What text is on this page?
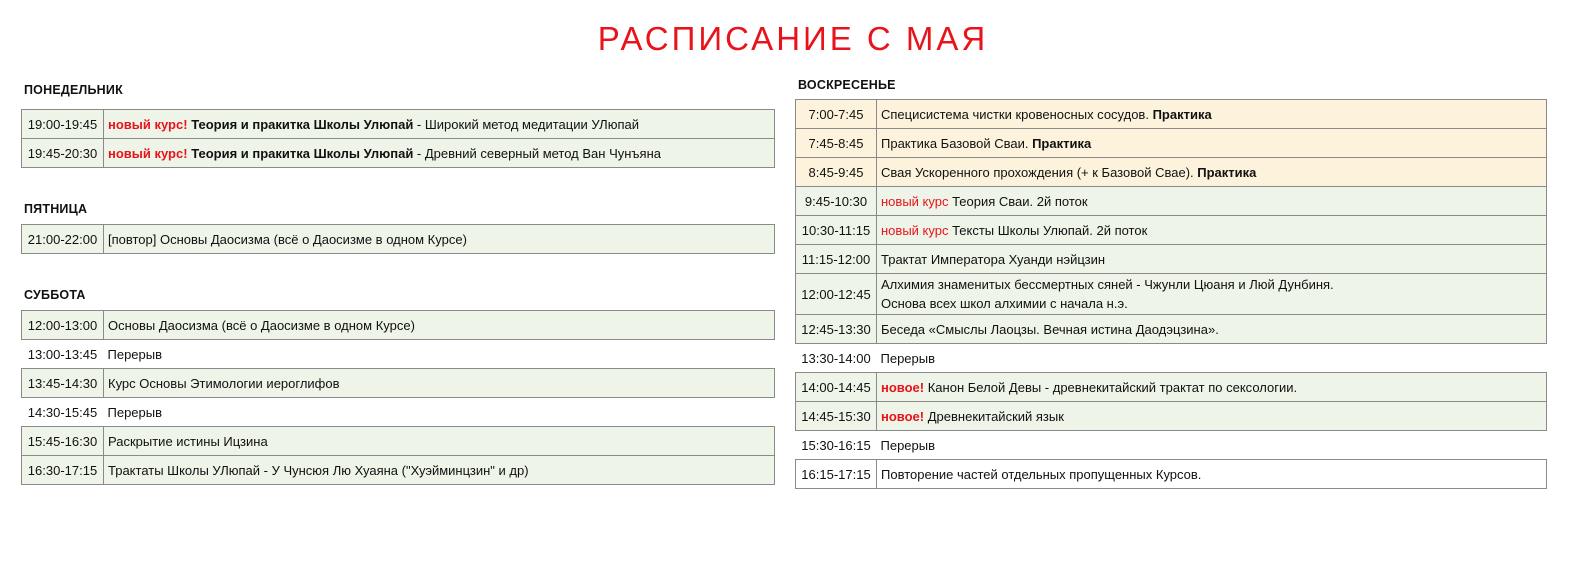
РАСПИСАНИЕ С МАЯ
ПОНЕДЕЛЬНИК
19:00-19:45	новый курс! Теория и пракитка Школы Улюпай - Широкий метод медитации УЛюпай
19:45-20:30	новый курс! Теория и пракитка Школы Улюпай - Древний северный метод Ван Чунъяна
ПЯТНИЦА
21:00-22:00	[повтор] Основы Даосизма (всё о Даосизме в одном Курсе)
СУББОТА
12:00-13:00	Основы Даосизма (всё о Даосизме в одном Курсе)
13:00-13:45	Перерыв
13:45-14:30	Курс Основы Этимологии иероглифов
14:30-15:45	Перерыв
15:45-16:30	Раскрытие истины Ицзина
16:30-17:15	Трактаты Школы УЛюпай - У Чунсюя Лю Хуаяна ("Хуэйминцзин" и др)
ВОСКРЕСЕНЬЕ
7:00-7:45	Специсистема чистки кровеносных сосудов. Практика
7:45-8:45	Практика Базовой Сваи. Практика
8:45-9:45	Свая Ускоренного прохождения (+ к Базовой Свае). Практика
9:45-10:30	новый курс Теория Сваи. 2й поток
10:30-11:15	новый курс Тексты Школы Улюпай. 2й поток
11:15-12:00	Трактат Императора Хуанди нэйцзин
12:00-12:45	Алхимия знаменитых бессмертных сяней - Чжунли Цюаня и Люй Дунбиня.
Основа всех школ алхимии с начала н.э.

12:45-13:30	Беседа «Смыслы Лаоцзы. Вечная истина Даодэцзина».
13:30-14:00	Перерыв
14:00-14:45	новое! Канон Белой Девы - древнекитайский трактат по сексологии.
14:45-15:30	новое! Древнекитайский язык
15:30-16:15	Перерыв
16:15-17:15	Повторение частей отдельных пропущенных Курсов.
